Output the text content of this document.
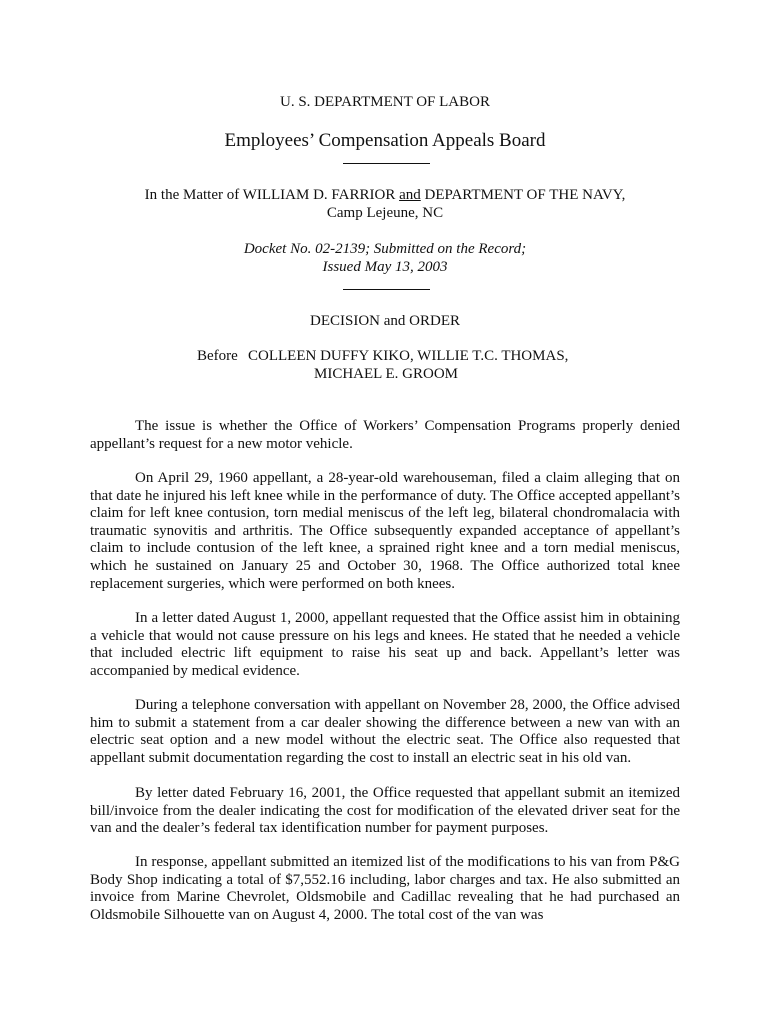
U. S. DEPARTMENT OF LABOR
Employees’ Compensation Appeals Board
In the Matter of WILLIAM D. FARRIOR and DEPARTMENT OF THE NAVY,
Camp Lejeune, NC
Docket No. 02-2139; Submitted on the Record;
Issued May 13, 2003
DECISION and ORDER
Before COLLEEN DUFFY KIKO, WILLIE T.C. THOMAS,
MICHAEL E. GROOM

The issue is whether the Office of Workers’ Compensation Programs properly denied appellant’s request for a new motor vehicle.

On April 29, 1960 appellant, a 28-year-old warehouseman, filed a claim alleging that on that date he injured his left knee while in the performance of duty. The Office accepted appellant’s claim for left knee contusion, torn medial meniscus of the left leg, bilateral chondromalacia with traumatic synovitis and arthritis. The Office subsequently expanded acceptance of appellant’s claim to include contusion of the left knee, a sprained right knee and a torn medial meniscus, which he sustained on January 25 and October 30, 1968. The Office authorized total knee replacement surgeries, which were performed on both knees.

In a letter dated August 1, 2000, appellant requested that the Office assist him in obtaining a vehicle that would not cause pressure on his legs and knees. He stated that he needed a vehicle that included electric lift equipment to raise his seat up and back. Appellant’s letter was accompanied by medical evidence.

During a telephone conversation with appellant on November 28, 2000, the Office advised him to submit a statement from a car dealer showing the difference between a new van with an electric seat option and a new model without the electric seat. The Office also requested that appellant submit documentation regarding the cost to install an electric seat in his old van.

By letter dated February 16, 2001, the Office requested that appellant submit an itemized bill/invoice from the dealer indicating the cost for modification of the elevated driver seat for the van and the dealer’s federal tax identification number for payment purposes.

In response, appellant submitted an itemized list of the modifications to his van from P&G Body Shop indicating a total of $7,552.16 including, labor charges and tax. He also submitted an invoice from Marine Chevrolet, Oldsmobile and Cadillac revealing that he had purchased an Oldsmobile Silhouette van on August 4, 2000. The total cost of the van was
